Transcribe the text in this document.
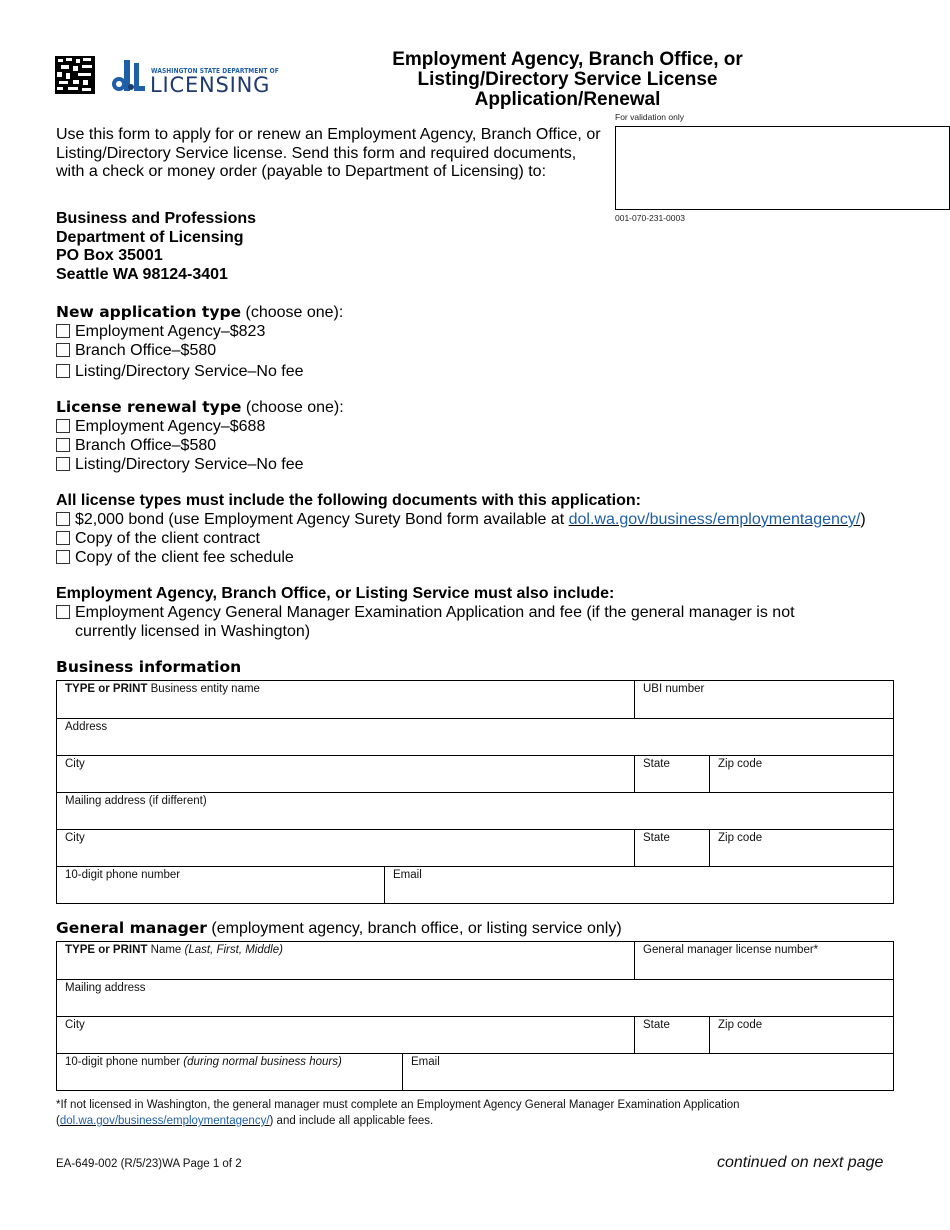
WASHINGTON STATE DEPARTMENT OF
LICENSING
Employment Agency, Branch Office, or
Listing/Directory Service License
Application/Renewal
For validation only
001-070-231-0003
Use this form to apply for or renew an Employment Agency, Branch Office, or Listing/Directory Service license. Send this form and required documents, with a check or money order (payable to Department of Licensing) to:
Business and Professions
Department of Licensing
PO Box 35001
Seattle WA 98124-3401
New application type (choose one):
Employment Agency–$823
Branch Office–$580
Listing/Directory Service–No fee
License renewal type (choose one):
Employment Agency–$688
Branch Office–$580
Listing/Directory Service–No fee
All license types must include the following documents with this application:
$2,000 bond (use Employment Agency Surety Bond form available at dol.wa.gov/business/employmentagency/)
Copy of the client contract
Copy of the client fee schedule
Employment Agency, Branch Office, or Listing Service must also include:
Employment Agency General Manager Examination Application and fee (if the general manager is not
currently licensed in Washington)
Business information
TYPE or PRINT Business entity name	UBI number
Address
City	State	Zip code
Mailing address (if different)
City	State	Zip code
10-digit phone number	Email
General manager (employment agency, branch office, or listing service only)
TYPE or PRINT Name (Last, First, Middle)	General manager license number*
Mailing address
City	State	Zip code
10-digit phone number (during normal business hours)	Email
*If not licensed in Washington, the general manager must complete an Employment Agency General Manager Examination Application
(dol.wa.gov/business/employmentagency/) and include all applicable fees.
EA-649-002 (R/5/23)WA Page 1 of 2	continued on next page
